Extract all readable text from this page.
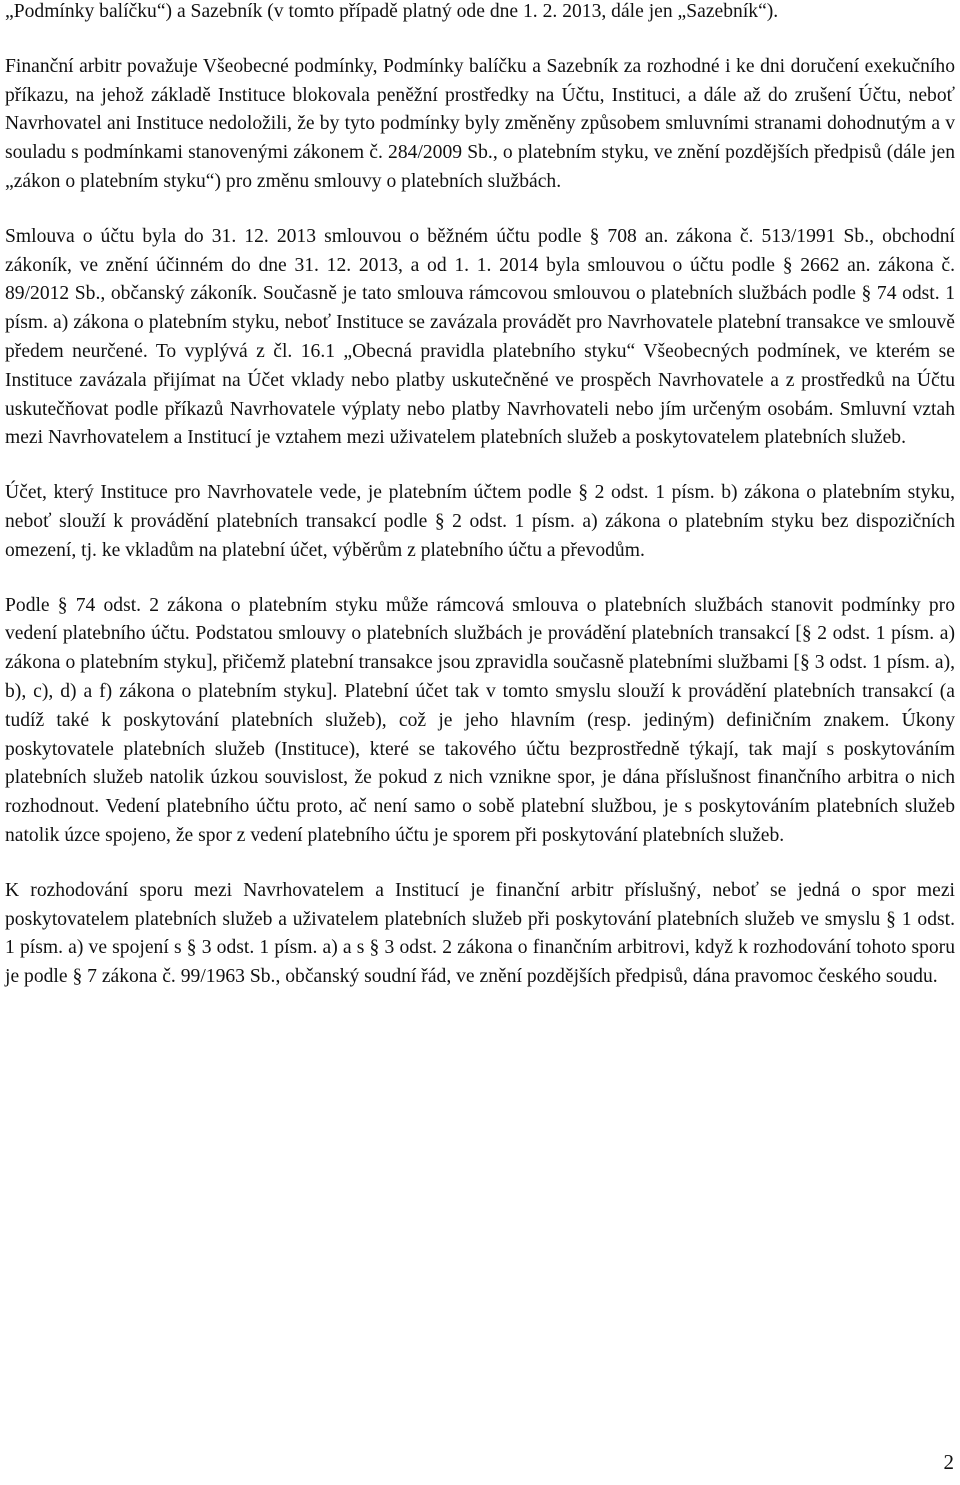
„Podmínky balíčku“) a Sazebník (v tomto případě platný ode dne 1. 2. 2013, dále jen „Sazebník“).

Finanční arbitr považuje Všeobecné podmínky, Podmínky balíčku a Sazebník za rozhodné i ke dni doručení exekučního příkazu, na jehož základě Instituce blokovala peněžní prostředky na Účtu, Instituci, a dále až do zrušení Účtu, neboť Navrhovatel ani Instituce nedoložili, že by tyto podmínky byly změněny způsobem smluvními stranami dohodnutým a v souladu s podmínkami stanovenými zákonem č. 284/2009 Sb., o platebním styku, ve znění pozdějších předpisů (dále jen „zákon o platebním styku“) pro změnu smlouvy o platebních službách.

Smlouva o účtu byla do 31. 12. 2013 smlouvou o běžném účtu podle § 708 an. zákona č. 513/1991 Sb., obchodní zákoník, ve znění účinném do dne 31. 12. 2013, a od 1. 1. 2014 byla smlouvou o účtu podle § 2662 an. zákona č. 89/2012 Sb., občanský zákoník. Současně je tato smlouva rámcovou smlouvou o platebních službách podle § 74 odst. 1 písm. a) zákona o platebním styku, neboť Instituce se zavázala provádět pro Navrhovatele platební transakce ve smlouvě předem neurčené. To vyplývá z čl. 16.1 „Obecná pravidla platebního styku“ Všeobecných podmínek, ve kterém se Instituce zavázala přijímat na Účet vklady nebo platby uskutečněné ve prospěch Navrhovatele a z prostředků na Účtu uskutečňovat podle příkazů Navrhovatele výplaty nebo platby Navrhovateli nebo jím určeným osobám. Smluvní vztah mezi Navrhovatelem a Institucí je vztahem mezi uživatelem platebních služeb a poskytovatelem platebních služeb.

Účet, který Instituce pro Navrhovatele vede, je platebním účtem podle § 2 odst. 1 písm. b) zákona o platebním styku, neboť slouží k provádění platebních transakcí podle § 2 odst. 1 písm. a) zákona o platebním styku bez dispozičních omezení, tj. ke vkladům na platební účet, výběrům z platebního účtu a převodům.

Podle § 74 odst. 2 zákona o platebním styku může rámcová smlouva o platebních službách stanovit podmínky pro vedení platebního účtu. Podstatou smlouvy o platebních službách je provádění platebních transakcí [§ 2 odst. 1 písm. a) zákona o platebním styku], přičemž platební transakce jsou zpravidla současně platebními službami [§ 3 odst. 1 písm. a), b), c), d) a f) zákona o platebním styku]. Platební účet tak v tomto smyslu slouží k provádění platebních transakcí (a tudíž také k poskytování platebních služeb), což je jeho hlavním (resp. jediným) definičním znakem. Úkony poskytovatele platebních služeb (Instituce), které se takového účtu bezprostředně týkají, tak mají s poskytováním platebních služeb natolik úzkou souvislost, že pokud z nich vznikne spor, je dána příslušnost finančního arbitra o nich rozhodnout. Vedení platebního účtu proto, ač není samo o sobě platební službou, je s poskytováním platebních služeb natolik úzce spojeno, že spor z vedení platebního účtu je sporem při poskytování platebních služeb.

K rozhodování sporu mezi Navrhovatelem a Institucí je finanční arbitr příslušný, neboť se jedná o spor mezi poskytovatelem platebních služeb a uživatelem platebních služeb při poskytování platebních služeb ve smyslu § 1 odst. 1 písm. a) ve spojení s § 3 odst. 1 písm. a) a s § 3 odst. 2 zákona o finančním arbitrovi, když k rozhodování tohoto sporu je podle § 7 zákona č. 99/1963 Sb., občanský soudní řád, ve znění pozdějších předpisů, dána pravomoc českého soudu.

2
